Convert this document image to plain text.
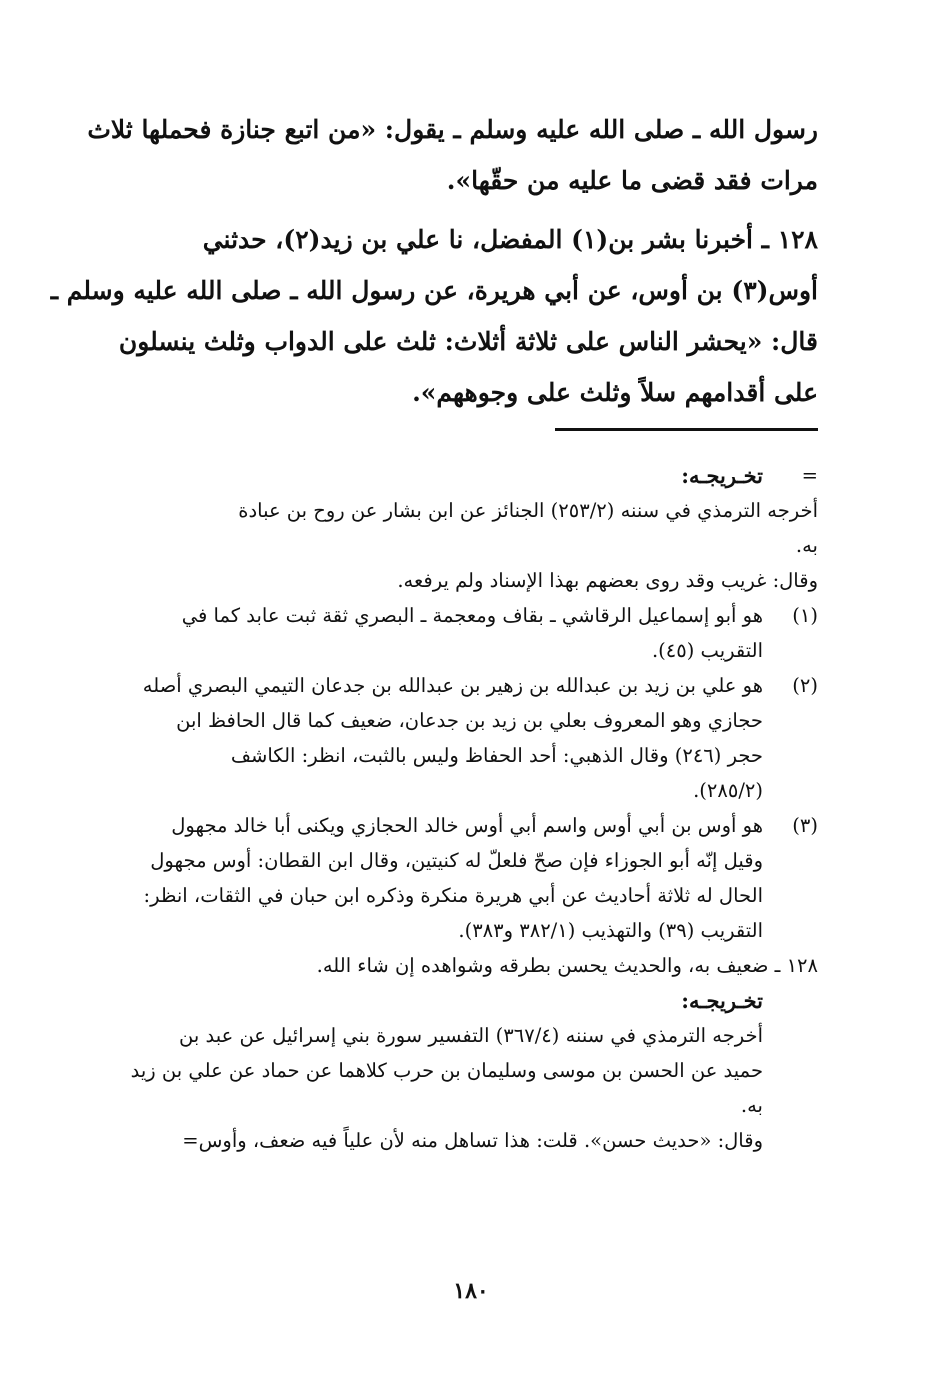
رسول الله ـ صلى الله عليه وسلم ـ يقول: «من اتبع جنازة فحملها ثلاث
مرات فقد قضى ما عليه من حقّها».
١٢٨ ـ أخبرنا بشر بن(١) المفضل، نا علي بن زيد(٢)، حدثني
أوس(٣) بن أوس، عن أبي هريرة، عن رسول الله ـ صلى الله عليه وسلم ـ
قال: «يحشر الناس على ثلاثة أثلاث: ثلث على الدواب وثلث ينسلون
على أقدامهم سلاً وثلث على وجوههم».
=
تخـريجـه:
أخرجه الترمذي في سننه (٢٥٣/٢) الجنائز عن ابن بشار عن روح بن عبادة
به.
وقال: غريب وقد روى بعضهم بهذا الإسناد ولم يرفعه.
(١)
هو أبو إسماعيل الرقاشي ـ بقاف ومعجمة ـ البصري ثقة ثبت عابد كما في
التقريب (٤٥).
(٢)
هو علي بن زيد بن عبدالله بن زهير بن عبدالله بن جدعان التيمي البصري أصله
حجازي وهو المعروف بعلي بن زيد بن جدعان، ضعيف كما قال الحافظ ابن
حجر (٢٤٦) وقال الذهبي: أحد الحفاظ وليس بالثبت، انظر: الكاشف
(٢٨٥/٢).
(٣)
هو أوس بن أبي أوس واسم أبي أوس خالد الحجازي ويكنى أبا خالد مجهول
وقيل إنّه أبو الجوزاء فإن صحّ فلعلّ له كنيتين، وقال ابن القطان: أوس مجهول
الحال له ثلاثة أحاديث عن أبي هريرة منكرة وذكره ابن حبان في الثقات، انظر:
التقريب (٣٩) والتهذيب (٣٨٢/١ و٣٨٣).
١٢٨ ـ ضعيف به، والحديث يحسن بطرقه وشواهده إن شاء الله.
تخـريجـه:
أخرجه الترمذي في سننه (٣٦٧/٤) التفسير سورة بني إسرائيل عن عبد بن
حميد عن الحسن بن موسى وسليمان بن حرب كلاهما عن حماد عن علي بن زيد
به.
وقال: «حديث حسن». قلت: هذا تساهل منه لأن علياً فيه ضعف، وأوس=
١٨٠
